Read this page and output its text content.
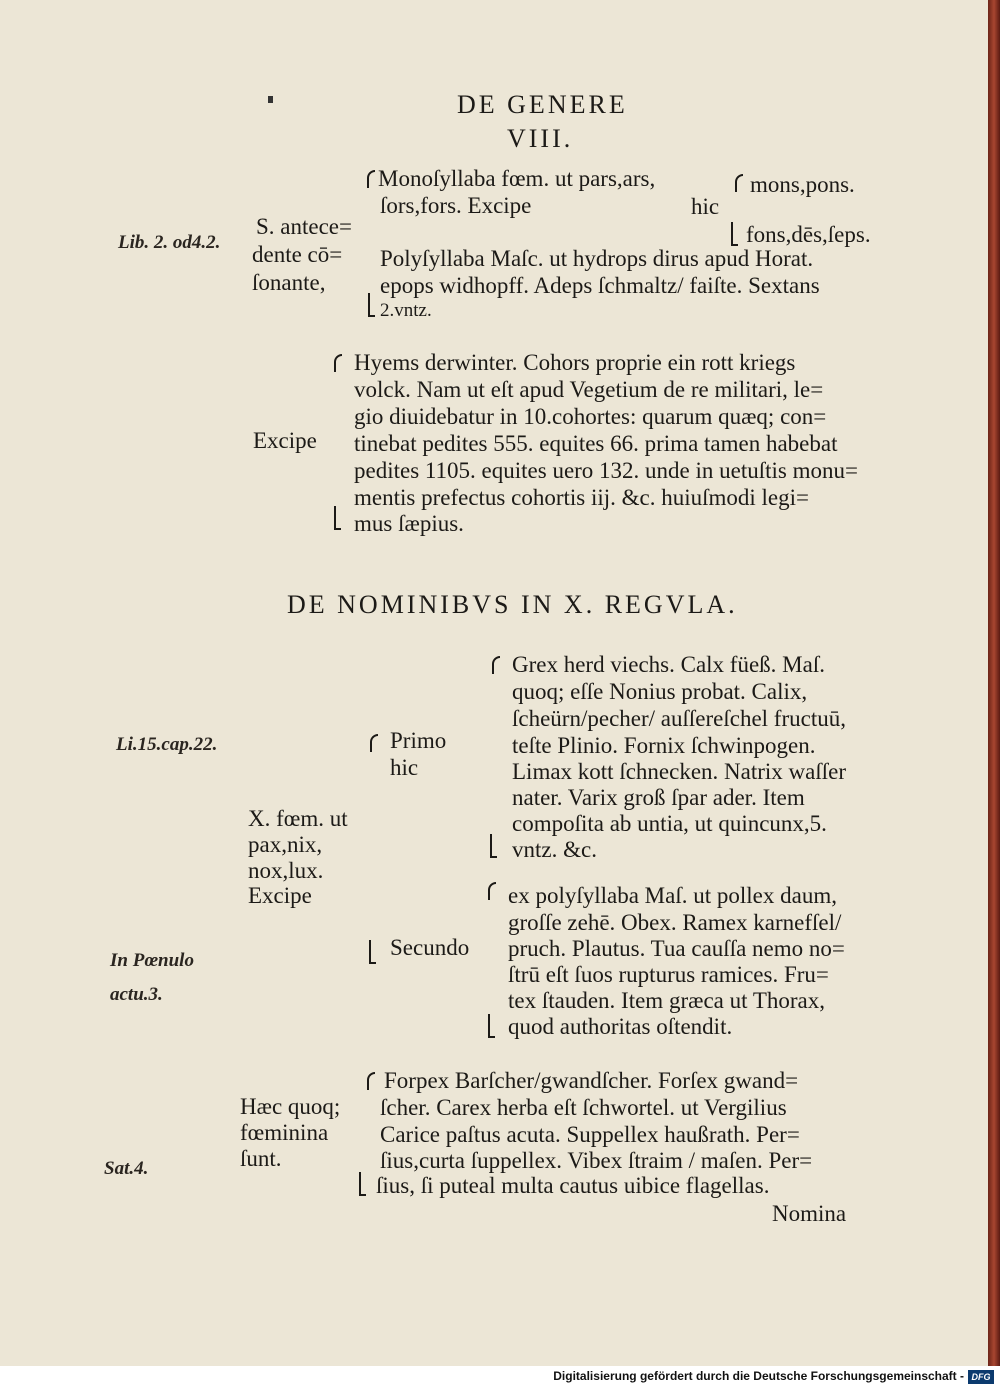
DE GENERE
VIII.
Lib. 2. od4.2.
S. antece=
dente cō=
ſonante,
Monoſyllaba fœm. ut pars,ars,
ſors,fors. Excipe	hic
mons,pons.
fons,dēs,ſeps.
Polyſyllaba Maſc. ut hydrops dirus apud Horat.
epops widhopff. Adeps ſchmaltz/ faiſte. Sextans
2.vntz.
Excipe
Hyems derwinter. Cohors proprie ein rott kriegs
volck. Nam ut eſt apud Vegetium de re militari, le=
gio diuidebatur in 10.cohortes: quarum quæq; con=
tinebat pedites 555. equites 66. prima tamen habebat
pedites 1105. equites uero 132. unde in uetuſtis monu=
mentis prefectus cohortis iij. &c. huiuſmodi legi=
mus ſæpius.
DE NOMINIBVS IN X. REGVLA.
Li.15.cap.22.
In Pœnulo
actu.3.
X. fœm. ut
pax,nix,
nox,lux.
Excipe
Primo
hic
Secundo
Grex herd viechs. Calx füeß. Maſ.
quoq; eſſe Nonius probat. Calix,
ſcheürn/pecher/ auſſereſchel fructuū,
teſte Plinio. Fornix ſchwinpogen.
Limax kott ſchnecken. Natrix waſſer
nater. Varix groß ſpar ader. Item
compoſita ab untia, ut quincunx,5.
vntz. &c.
ex polyſyllaba Maſ. ut pollex daum,
groſſe zehē. Obex. Ramex karnefſel/
pruch. Plautus. Tua cauſſa nemo no=
ſtrū eſt ſuos rupturus ramices. Fru=
tex ſtauden. Item græca ut Thorax,
quod authoritas oſtendit.
Sat.4.
Hæc quoq;
fœminina
ſunt.
Forpex Barſcher/gwandſcher. Forſex gwand=
ſcher. Carex herba eſt ſchwortel. ut Vergilius
Carice paſtus acuta. Suppellex haußrath. Per=
ſius,curta ſuppellex. Vibex ſtraim / maſen. Per=
ſius, ſi puteal multa cautus uibice flagellas.
Nomina
Digitalisierung gefördert durch die Deutsche Forschungsgemeinschaft - DFG
